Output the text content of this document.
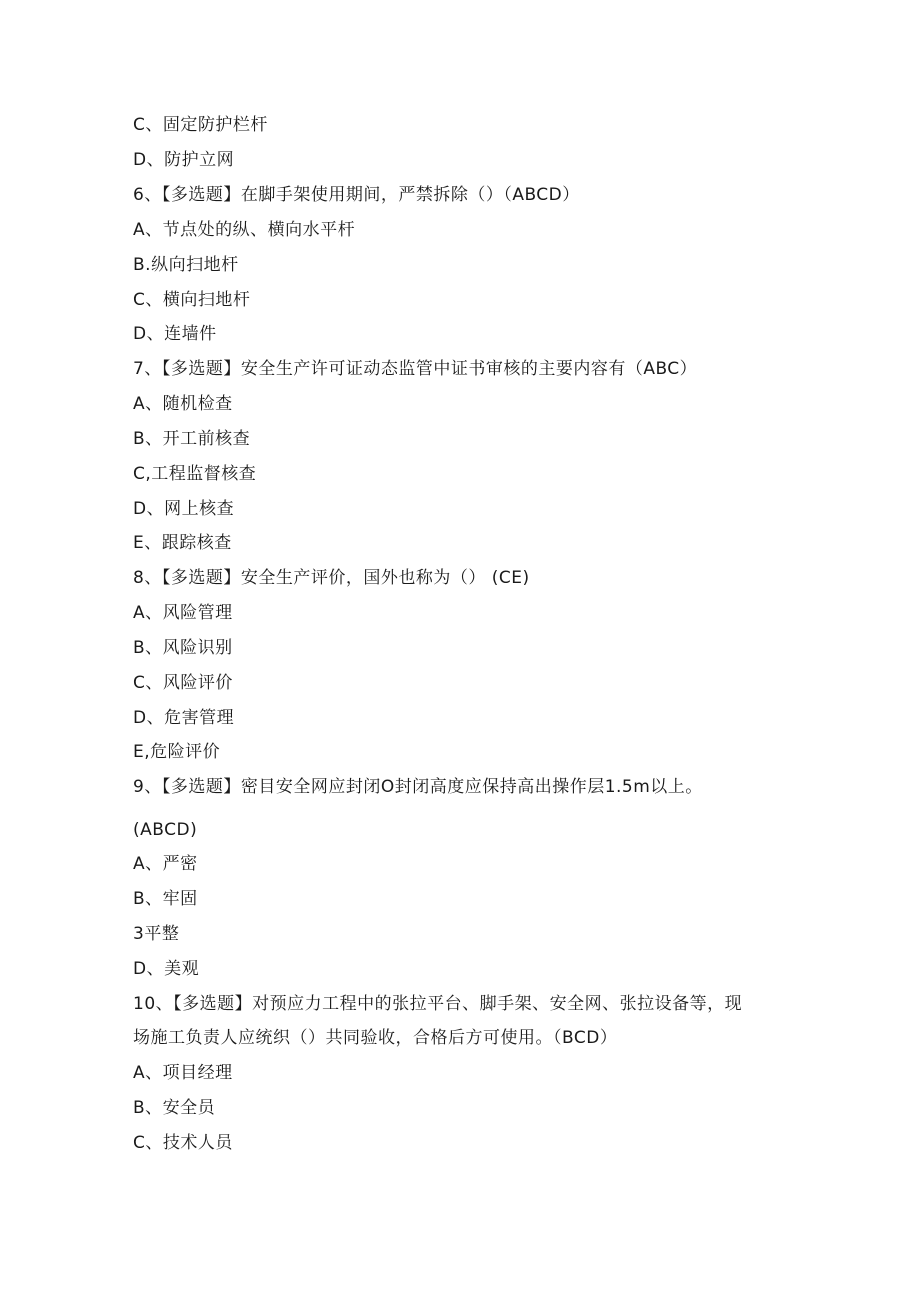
C、固定防护栏杆
D、防护立网
6、【多选题】在脚手架使用期间，严禁拆除（）（ABCD）
A、节点处的纵、横向水平杆
B.纵向扫地杆
C、横向扫地杆
D、连墙件
7、【多选题】安全生产许可证动态监管中证书审核的主要内容有（ABC）
A、随机检查
B、开工前核查
C,工程监督核查
D、网上核查
E、跟踪核查
8、【多选题】安全生产评价，国外也称为（） (CE)
A、风险管理
B、风险识别
C、风险评价
D、危害管理
E,危险评价
9、【多选题】密目安全网应封闭O封闭高度应保持高出操作层1.5m以上。
(ABCD)
A、严密
B、牢固
3平整
D、美观
10、【多选题】对预应力工程中的张拉平台、脚手架、安全网、张拉设备等，现
场施工负责人应统织（）共同验收，合格后方可使用。（BCD）
A、项目经理
B、安全员
C、技术人员
